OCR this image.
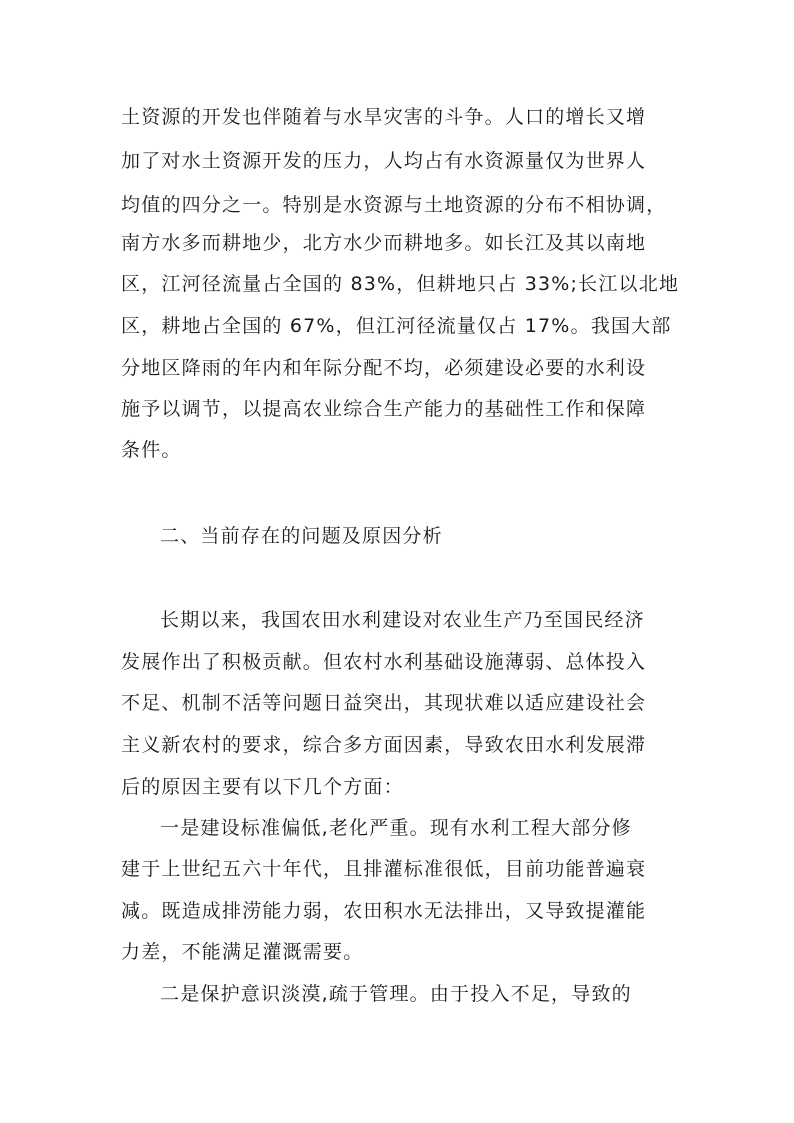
土资源的开发也伴随着与水旱灾害的斗争。人口的增长又增
加了对水土资源开发的压力，人均占有水资源量仅为世界人
均值的四分之一。特别是水资源与土地资源的分布不相协调，
南方水多而耕地少，北方水少而耕地多。如长江及其以南地
区，江河径流量占全国的 83%，但耕地只占 33%;长江以北地
区，耕地占全国的 67%，但江河径流量仅占 17%。我国大部
分地区降雨的年内和年际分配不均，必须建设必要的水利设
施予以调节，以提高农业综合生产能力的基础性工作和保障
条件。
二、当前存在的问题及原因分析
长期以来，我国农田水利建设对农业生产乃至国民经济
发展作出了积极贡献。但农村水利基础设施薄弱、总体投入
不足、机制不活等问题日益突出，其现状难以适应建设社会
主义新农村的要求，综合多方面因素，导致农田水利发展滞
后的原因主要有以下几个方面：
一是建设标准偏低,老化严重。现有水利工程大部分修
建于上世纪五六十年代，且排灌标准很低，目前功能普遍衰
减。既造成排涝能力弱，农田积水无法排出，又导致提灌能
力差，不能满足灌溉需要。
二是保护意识淡漠,疏于管理。由于投入不足，导致的
